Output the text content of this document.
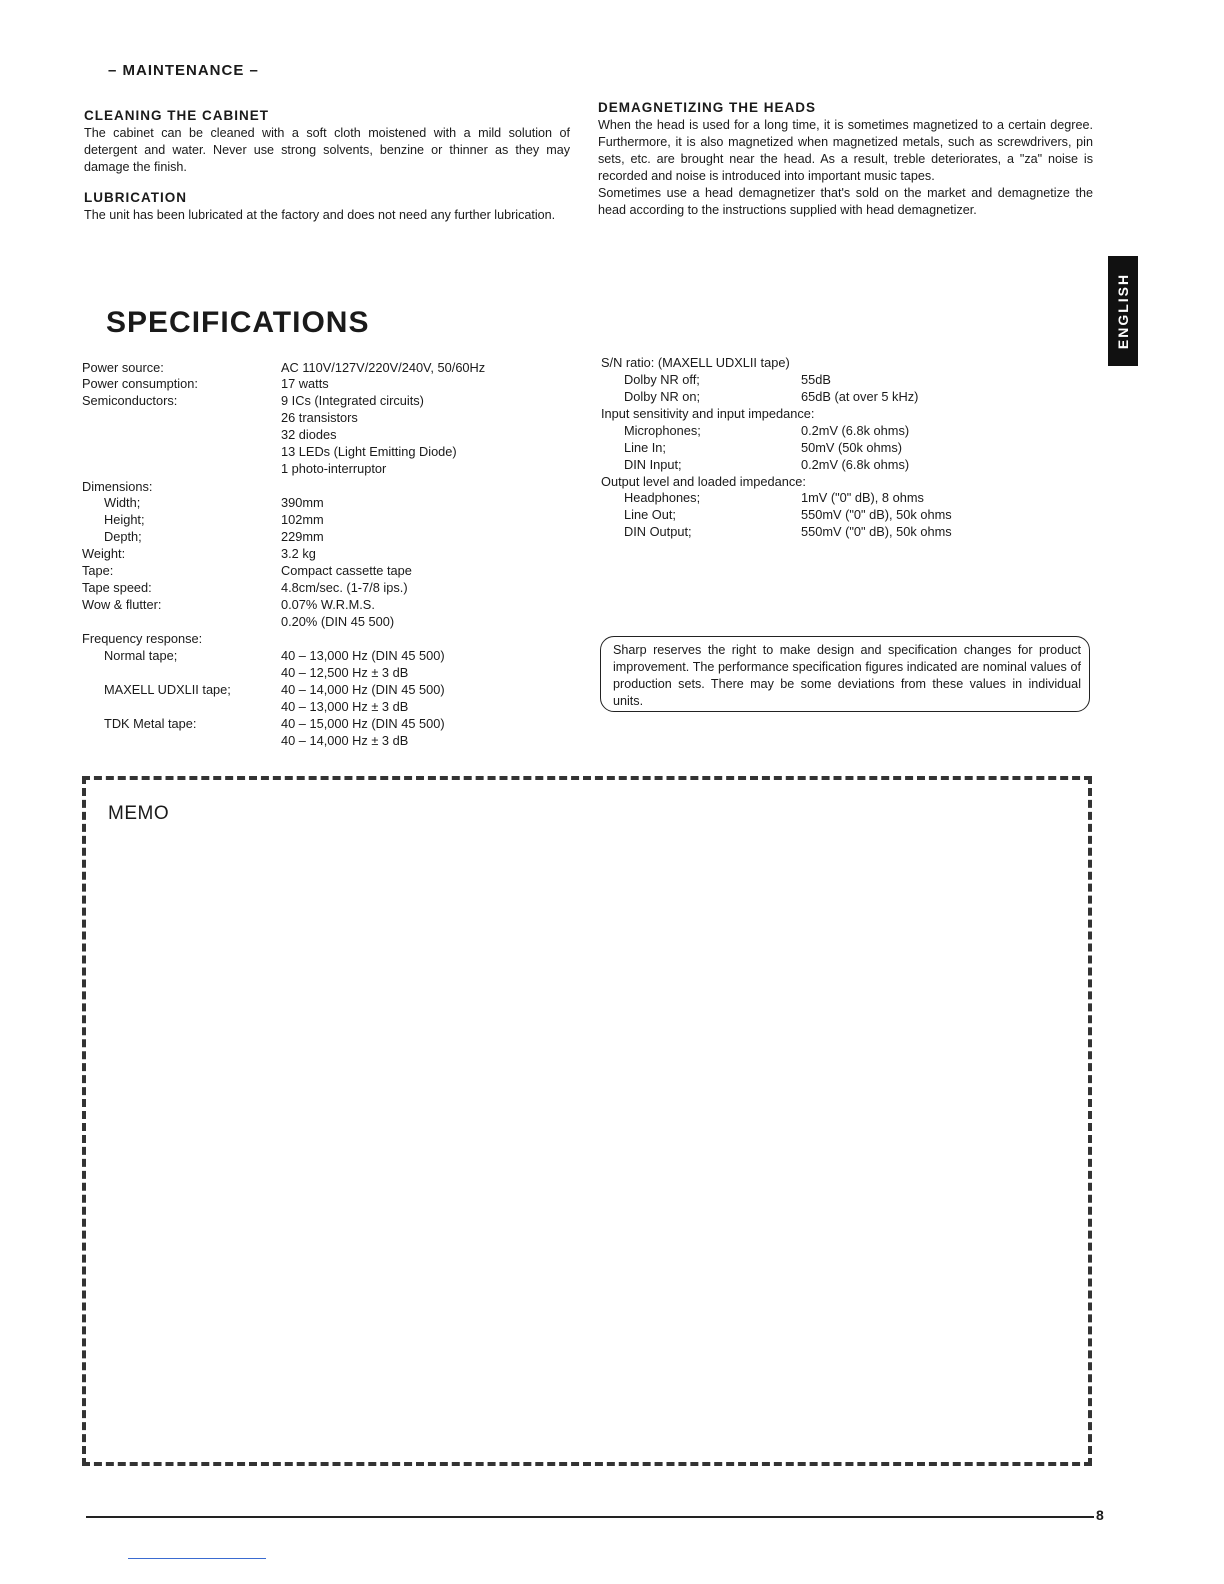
– MAINTENANCE –
CLEANING THE CABINET
The cabinet can be cleaned with a soft cloth moistened with a mild solution of detergent and water. Never use strong solvents, benzine or thinner as they may damage the finish.
LUBRICATION
The unit has been lubricated at the factory and does not need any further lubrication.
DEMAGNETIZING THE HEADS
When the head is used for a long time, it is sometimes magnetized to a certain degree. Furthermore, it is also magnetized when magnetized metals, such as screwdrivers, pin sets, etc. are brought near the head. As a result, treble deteriorates, a "za" noise is recorded and noise is introduced into important music tapes.
Sometimes use a head demagnetizer that's sold on the market and demagnetize the head according to the instructions supplied with head demagnetizer.
ENGLISH
SPECIFICATIONS
Power source:	AC 110V/127V/220V/240V, 50/60Hz
Power consumption:	17 watts
Semiconductors:	9 ICs (Integrated circuits)
26 transistors
32 diodes
13 LEDs (Light Emitting Diode)
1 photo-interruptor
Dimensions:
Width;	390mm
Height;	102mm
Depth;	229mm
Weight:	3.2 kg
Tape:	Compact cassette tape
Tape speed:	4.8cm/sec. (1-7/8 ips.)
Wow & flutter:	0.07% W.R.M.S.
0.20% (DIN 45 500)
Frequency response:
Normal tape;	40 – 13,000 Hz (DIN 45 500)
40 – 12,500 Hz ± 3 dB
MAXELL UDXLII tape;	40 – 14,000 Hz (DIN 45 500)
40 – 13,000 Hz ± 3 dB
TDK Metal tape:	40 – 15,000 Hz (DIN 45 500)
40 – 14,000 Hz ± 3 dB
S/N ratio: (MAXELL UDXLII tape)
Dolby NR off;	55dB
Dolby NR on;	65dB (at over 5 kHz)
Input sensitivity and input impedance:
Microphones;	0.2mV (6.8k ohms)
Line In;	50mV (50k ohms)
DIN Input;	0.2mV (6.8k ohms)
Output level and loaded impedance:
Headphones;	1mV ("0" dB), 8 ohms
Line Out;	550mV ("0" dB), 50k ohms
DIN Output;	550mV ("0" dB), 50k ohms
Sharp reserves the right to make design and specification changes for product improvement. The performance specification figures indicated are nominal values of production sets. There may be some deviations from these values in individual units.
MEMO
8
